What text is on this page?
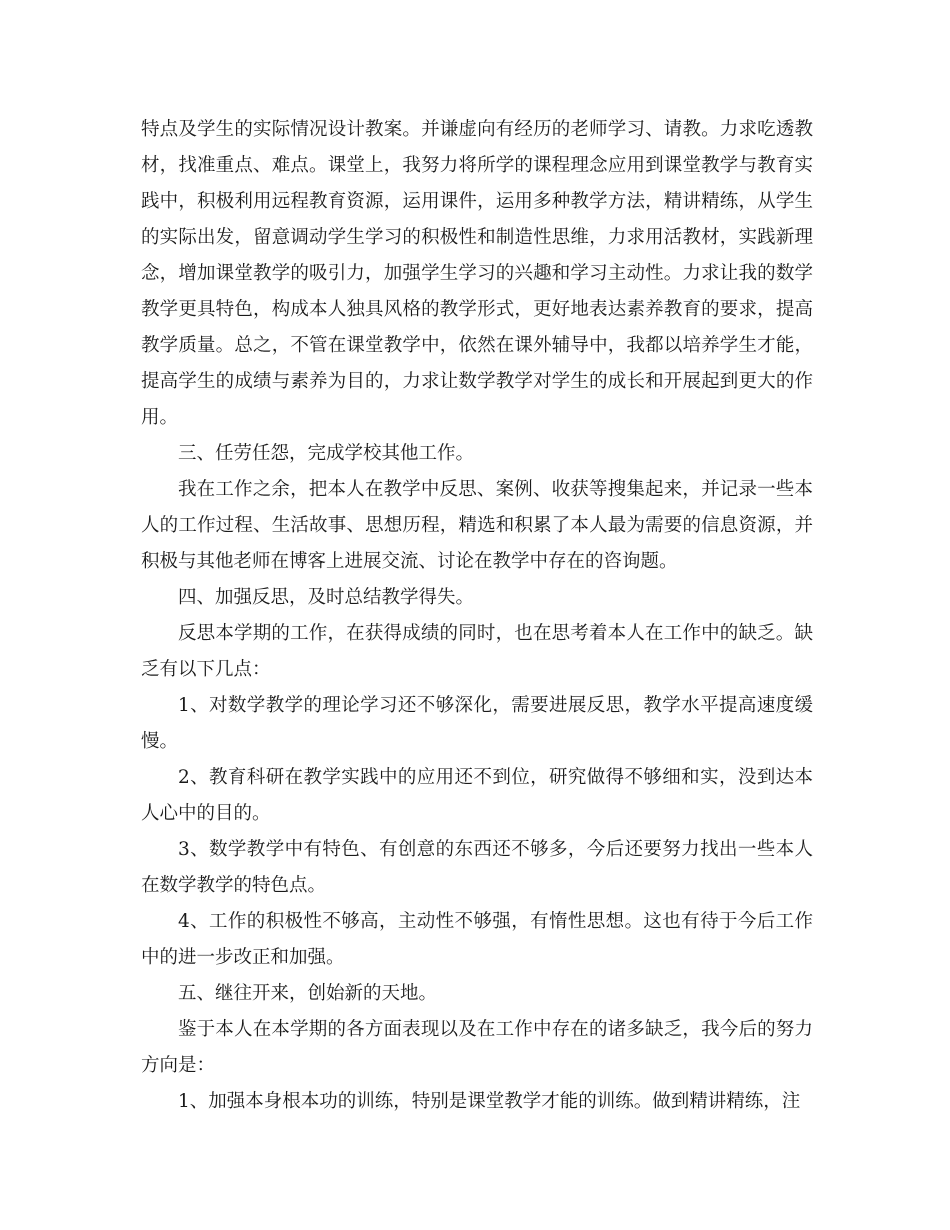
特点及学生的实际情况设计教案。并谦虚向有经历的老师学习、请教。力求吃透教材，找准重点、难点。课堂上，我努力将所学的课程理念应用到课堂教学与教育实践中，积极利用远程教育资源，运用课件，运用多种教学方法，精讲精练，从学生的实际出发，留意调动学生学习的积极性和制造性思维，力求用活教材，实践新理念，增加课堂教学的吸引力，加强学生学习的兴趣和学习主动性。力求让我的数学教学更具特色，构成本人独具风格的教学形式，更好地表达素养教育的要求，提高教学质量。总之，不管在课堂教学中，依然在课外辅导中，我都以培养学生才能，提高学生的成绩与素养为目的，力求让数学教学对学生的成长和开展起到更大的作用。

三、任劳任怨，完成学校其他工作。

我在工作之余，把本人在教学中反思、案例、收获等搜集起来，并记录一些本人的工作过程、生活故事、思想历程，精选和积累了本人最为需要的信息资源，并积极与其他老师在博客上进展交流、讨论在教学中存在的咨询题。

四、加强反思，及时总结教学得失。

反思本学期的工作，在获得成绩的同时，也在思考着本人在工作中的缺乏。缺乏有以下几点：

1、对数学教学的理论学习还不够深化，需要进展反思，教学水平提高速度缓慢。

2、教育科研在教学实践中的应用还不到位，研究做得不够细和实，没到达本人心中的目的。

3、数学教学中有特色、有创意的东西还不够多，今后还要努力找出一些本人在数学教学的特色点。

4、工作的积极性不够高，主动性不够强，有惰性思想。这也有待于今后工作中的进一步改正和加强。

五、继往开来，创始新的天地。

鉴于本人在本学期的各方面表现以及在工作中存在的诸多缺乏，我今后的努力方向是：

1、加强本身根本功的训练，特别是课堂教学才能的训练。做到精讲精练，注
